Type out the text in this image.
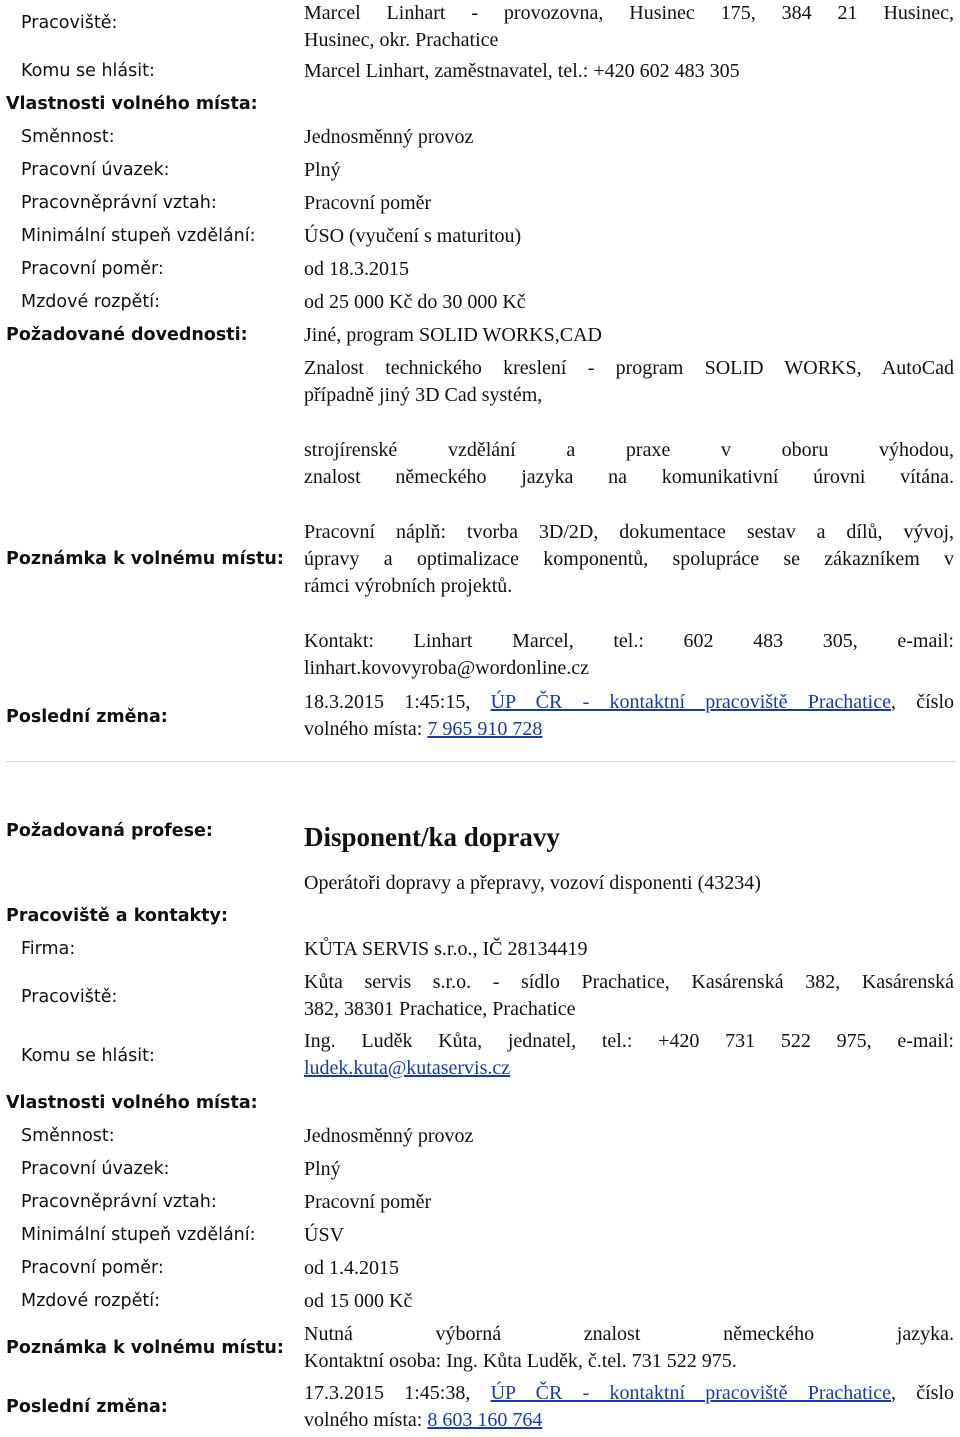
Pracoviště:	Marcel Linhart - provozovna, Husinec 175, 384 21 Husinec,
Husinec, okr. Prachatice
Komu se hlásit:	Marcel Linhart, zaměstnavatel, tel.: +420 602 483 305
Vlastnosti volného místa:
Směnnost:	Jednosměnný provoz
Pracovní úvazek:	Plný
Pracovněprávní vztah:	Pracovní poměr
Minimální stupeň vzdělání: ÚSO (vyučení s maturitou)
Pracovní poměr:	od 18.3.2015
Mzdové rozpětí:	od 25 000 Kč do 30 000 Kč
Požadované dovednosti:	Jiné, program SOLID WORKS,CAD
Znalost technického kreslení - program SOLID WORKS, AutoCad
případně jiný 3D Cad systém,
strojírenské vzdělání a praxe v oboru výhodou,
znalost německého jazyka na komunikativní úrovni vítána.
Poznámka k volnému místu:
Pracovní náplň: tvorba 3D/2D, dokumentace sestav a dílů, vývoj,
úpravy a optimalizace komponentů, spolupráce se zákazníkem v
rámci výrobních projektů.
Kontakt: Linhart Marcel, tel.: 602 483 305, e-mail:
linhart.kovovyroba@wordonline.cz
Poslední změna:
18.3.2015 1:45:15, ÚP ČR - kontaktní pracoviště Prachatice, číslo
volného místa: 7 965 910 728
Požadovaná profese:	Disponent/ka dopravy
Operátoři dopravy a přepravy, vozoví disponenti (43234)
Pracoviště a kontakty:
Firma:	KŮTA SERVIS s.r.o., IČ 28134419
Pracoviště:
Kůta servis s.r.o. - sídlo Prachatice, Kasárenská 382, Kasárenská
382, 38301 Prachatice, Prachatice
Komu se hlásit:
Ing. Luděk Kůta, jednatel, tel.: +420 731 522 975, e-mail:
ludek.kuta@kutaservis.cz
Vlastnosti volného místa:
Směnnost:	Jednosměnný provoz
Pracovní úvazek:	Plný
Pracovněprávní vztah:	Pracovní poměr
Minimální stupeň vzdělání: ÚSV
Pracovní poměr:	od 1.4.2015
Mzdové rozpětí:	od 15 000 Kč
Poznámka k volnému místu:
Nutná výborná znalost německého jazyka.
Kontaktní osoba: Ing. Kůta Luděk, č.tel. 731 522 975.
Poslední změna:
17.3.2015 1:45:38, ÚP ČR - kontaktní pracoviště Prachatice, číslo
volného místa: 8 603 160 764
